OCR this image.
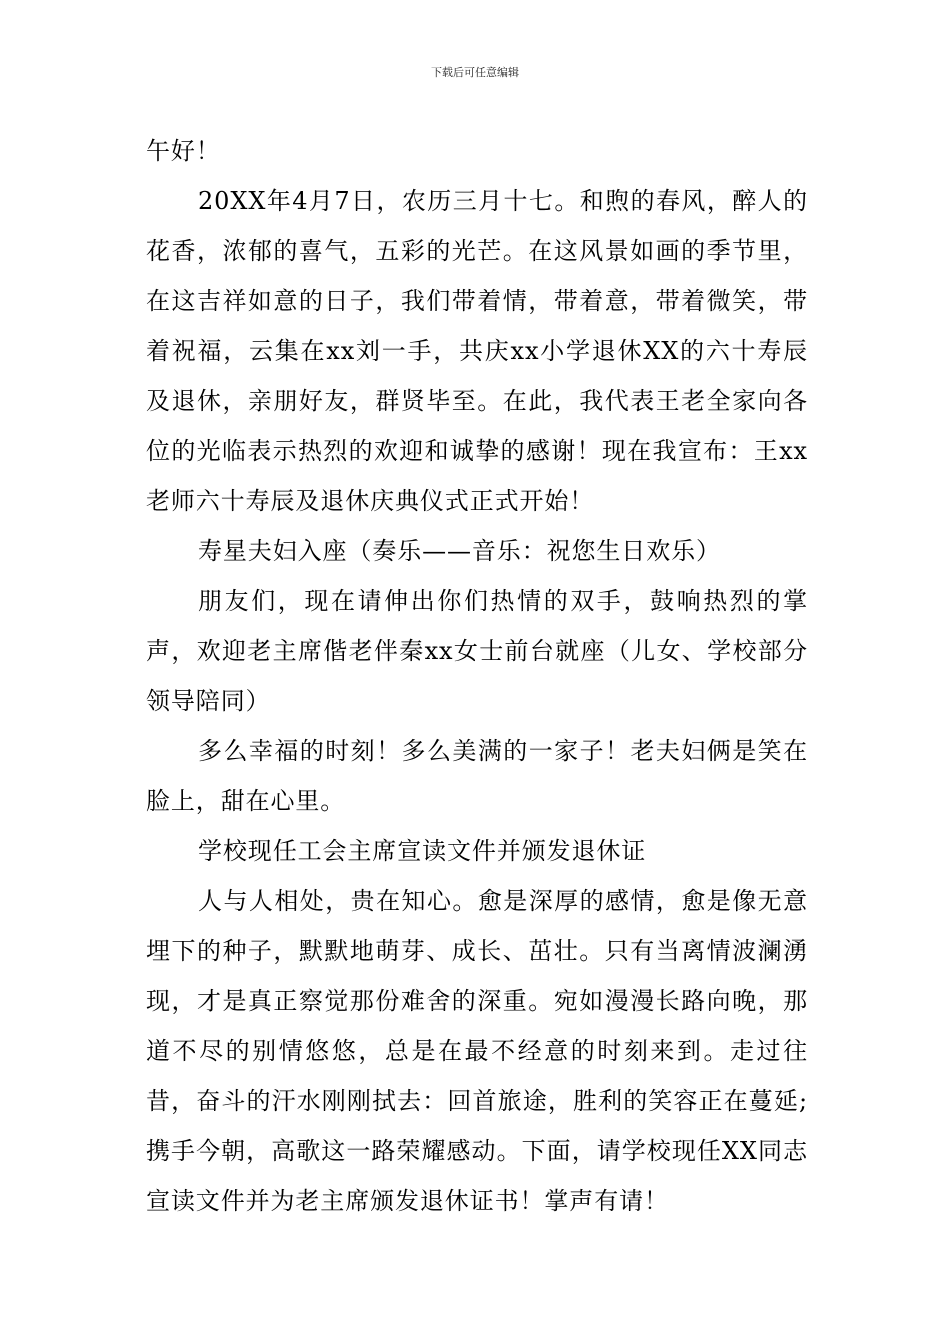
下载后可任意编辑

午好！

20XX年4月7日，农历三月十七。和煦的春风，醉人的花香，浓郁的喜气，五彩的光芒。在这风景如画的季节里，在这吉祥如意的日子，我们带着情，带着意，带着微笑，带着祝福，云集在xx刘一手，共庆xx小学退休XX的六十寿辰及退休，亲朋好友，群贤毕至。在此，我代表王老全家向各位的光临表示热烈的欢迎和诚挚的感谢！现在我宣布：王xx老师六十寿辰及退休庆典仪式正式开始！

寿星夫妇入座（奏乐——音乐：祝您生日欢乐）

朋友们，现在请伸出你们热情的双手，鼓响热烈的掌声，欢迎老主席偕老伴秦xx女士前台就座（儿女、学校部分领导陪同）

多么幸福的时刻！多么美满的一家子！老夫妇俩是笑在脸上，甜在心里。

学校现任工会主席宣读文件并颁发退休证

人与人相处，贵在知心。愈是深厚的感情，愈是像无意埋下的种子，默默地萌芽、成长、茁壮。只有当离情波澜湧现，才是真正察觉那份难舍的深重。宛如漫漫长路向晚，那道不尽的别情悠悠，总是在最不经意的时刻来到。走过往昔，奋斗的汗水刚刚拭去：回首旅途，胜利的笑容正在蔓延;携手今朝，高歌这一路荣耀感动。下面，请学校现任XX同志宣读文件并为老主席颁发退休证书！掌声有请！
